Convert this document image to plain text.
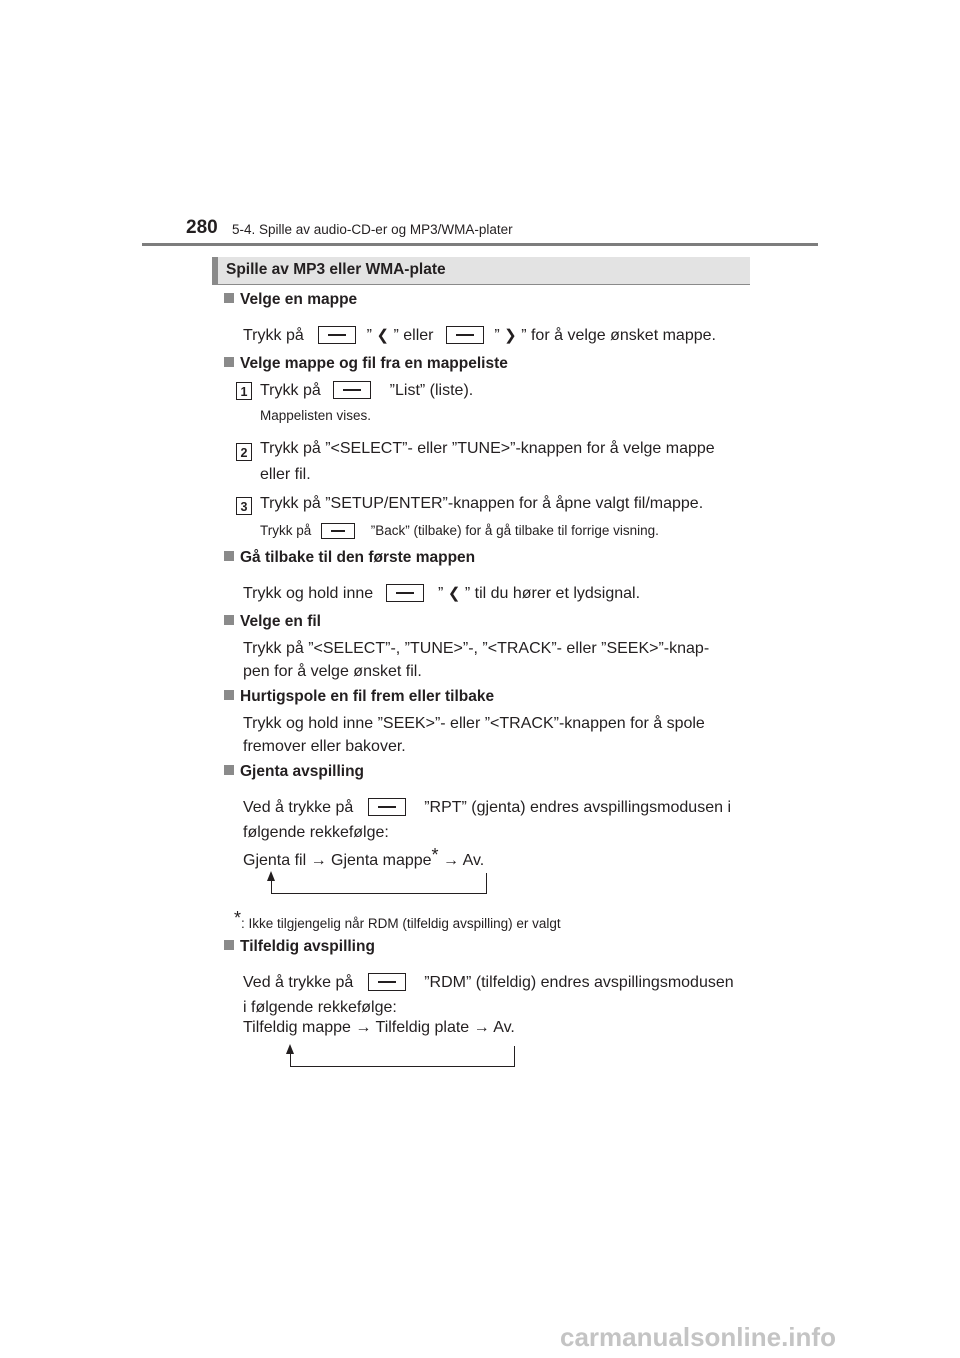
280 5-4. Spille av audio-CD-er og MP3/WMA-plater
Spille av MP3 eller WMA-plate
Velge en mappe
Trykk på	” ❮ ” eller	” ❯ ” for å velge ønsket mappe.
Velge mappe og fil fra en mappeliste
1 Trykk på	”List” (liste).
Mappelisten vises.
2 Trykk på ”<SELECT”- eller ”TUNE>”-knappen for å velge mappe
eller fil.
3 Trykk på ”SETUP/ENTER”-knappen for å åpne valgt fil/mappe.
Trykk på	”Back” (tilbake) for å gå tilbake til forrige visning.
Gå tilbake til den første mappen
Trykk og hold inne	” ❮ ” til du hører et lydsignal.
Velge en fil
Trykk på ”<SELECT”-, ”TUNE>”-, ”<TRACK”- eller ”SEEK>”-knap-
pen for å velge ønsket fil.
Hurtigspole en fil frem eller tilbake
Trykk og hold inne ”SEEK>”- eller ”<TRACK”-knappen for å spole
fremover eller bakover.
Gjenta avspilling
Ved å trykke på	”RPT” (gjenta) endres avspillingsmodusen i
følgende rekkefølge:
Gjenta fil → Gjenta mappe* → Av.
*: Ikke tilgjengelig når RDM (tilfeldig avspilling) er valgt
Tilfeldig avspilling
Ved å trykke på	”RDM” (tilfeldig) endres avspillingsmodusen
i følgende rekkefølge:
Tilfeldig mappe → Tilfeldig plate → Av.
carmanualsonline.info
